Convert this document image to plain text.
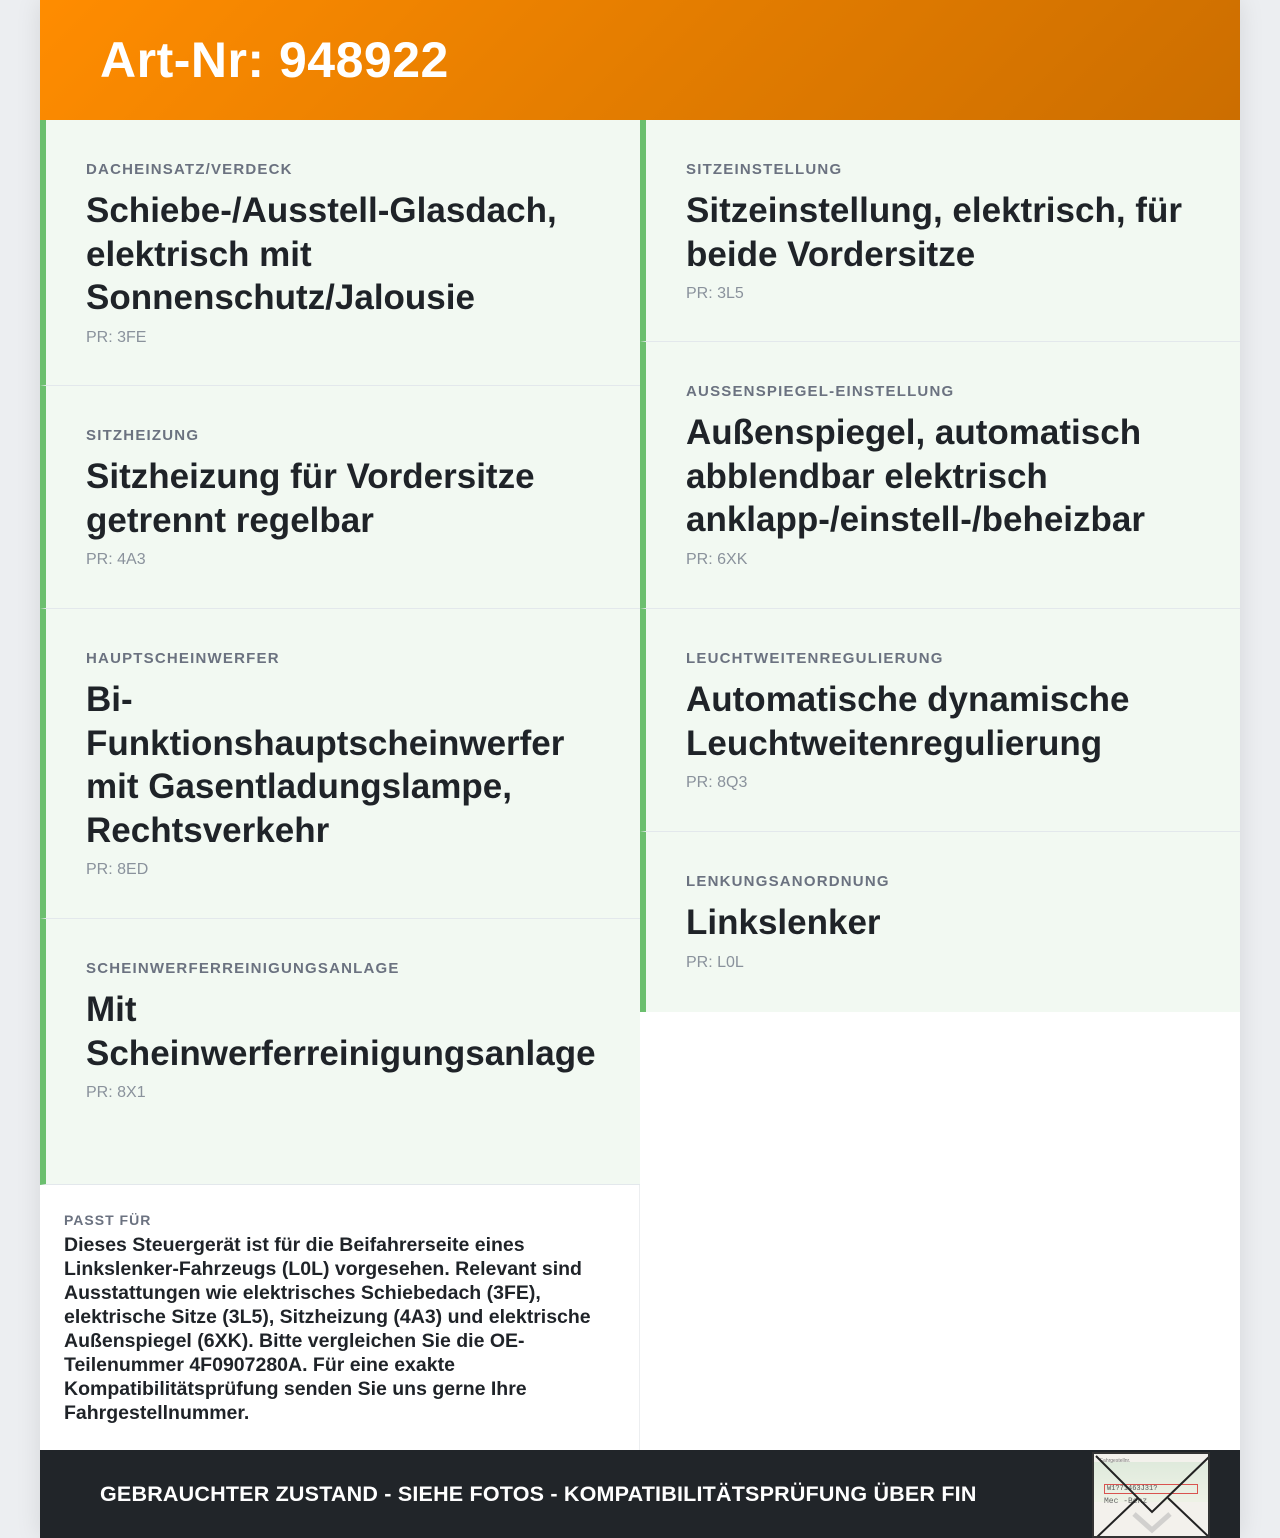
Art-Nr: 948922
DACHEINSATZ/VERDECK
Schiebe-/Ausstell-Glasdach, elektrisch mit Sonnenschutz/Jalousie
PR: 3FE
SITZHEIZUNG
Sitzheizung für Vordersitze getrennt regelbar
PR: 4A3
HAUPTSCHEINWERFER
Bi-Funktionshauptscheinwerfer mit Gasentladungslampe, Rechtsverkehr
PR: 8ED
SCHEINWERFERREINIGUNGSANLAGE
Mit Scheinwerferreinigungsanlage
PR: 8X1
SITZEINSTELLUNG
Sitzeinstellung, elektrisch, für beide Vordersitze
PR: 3L5
AUSSENSPIEGEL-EINSTELLUNG
Außenspiegel, automatisch abblendbar elektrisch anklapp-/einstell-/beheizbar
PR: 6XK
LEUCHTWEITENREGULIERUNG
Automatische dynamische Leuchtweitenregulierung
PR: 8Q3
LENKUNGSANORDNUNG
Linkslenker
PR: L0L
PASST FÜR

Dieses Steuergerät ist für die Beifahrerseite eines Linkslenker-Fahrzeugs (L0L) vorgesehen. Relevant sind Ausstattungen wie elektrisches Schiebedach (3FE), elektrische Sitze (3L5), Sitzheizung (4A3) und elektrische Außenspiegel (6XK). Bitte vergleichen Sie die OE-Teilenummer 4F0907280A. Für eine exakte Kompatibilitätsprüfung senden Sie uns gerne Ihre Fahrgestellnummer.

GEBRAUCHTER ZUSTAND - SIEHE FOTOS - KOMPATIBILITÄTSPRÜFUNG ÜBER FIN
Fahrgestellnr.
W1?71463J31?
Mec -Benz
